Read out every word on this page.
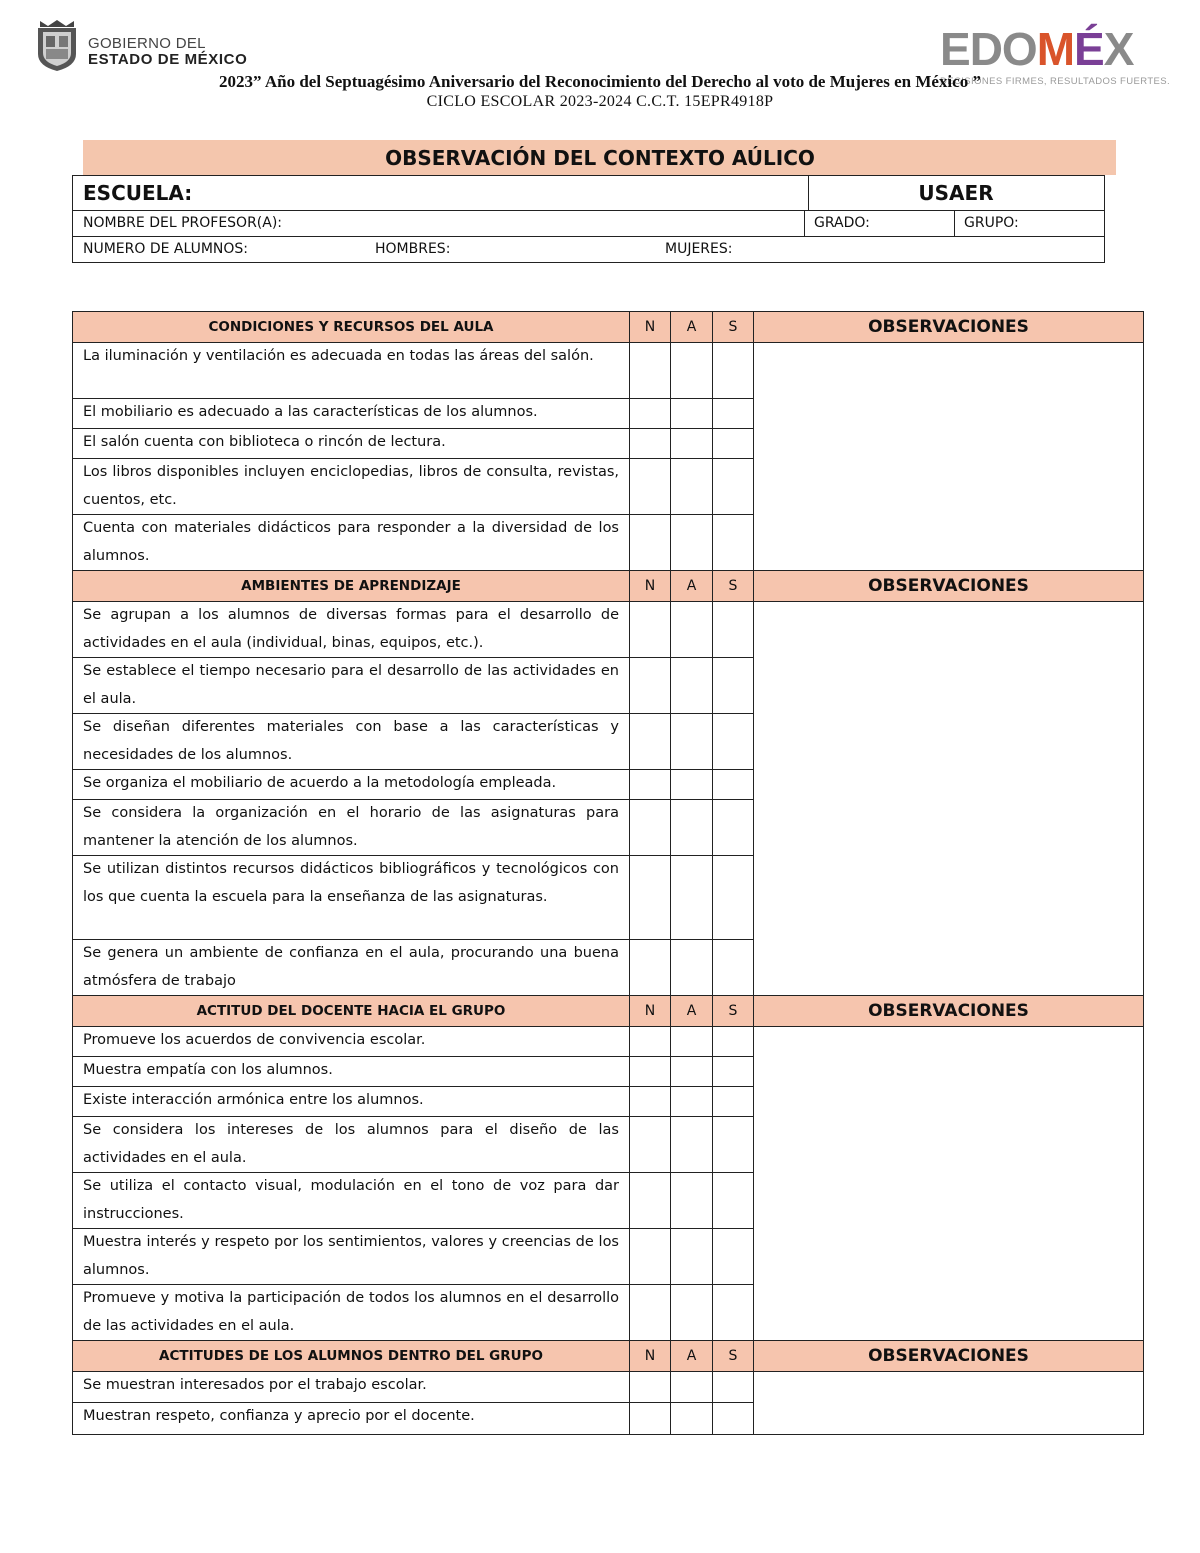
GOBIERNO DEL
ESTADO DE MÉXICO	EDOMÉX
DECISIONES FIRMES, RESULTADOS FUERTES.
2023” Año del Septuagésimo Aniversario del Reconocimiento del Derecho al voto de Mujeres en México ”
CICLO ESCOLAR 2023-2024 C.C.T. 15EPR4918P
OBSERVACIÓN DEL CONTEXTO AÚLICO
ESCUELA:	USAER
NOMBRE DEL PROFESOR(A):	GRADO:	GRUPO:
NUMERO DE ALUMNOS:	HOMBRES:	MUJERES:
CONDICIONES Y RECURSOS DEL AULA	N	A	S	OBSERVACIONES
La iluminación y ventilación es adecuada en todas las áreas del salón.				
El mobiliario es adecuado a las características de los alumnos.				
El salón cuenta con biblioteca o rincón de lectura.				
Los libros disponibles incluyen enciclopedias, libros de consulta, revistas, cuentos, etc.				
Cuenta con materiales didácticos para responder a la diversidad de los alumnos.				
AMBIENTES DE APRENDIZAJE	N	A	S	OBSERVACIONES
Se agrupan a los alumnos de diversas formas para el desarrollo de actividades en el aula (individual, binas, equipos, etc.).				
Se establece el tiempo necesario para el desarrollo de las actividades en el aula.				
Se diseñan diferentes materiales con base a las características y necesidades de los alumnos.				
Se organiza el mobiliario de acuerdo a la metodología empleada.				
Se considera la organización en el horario de las asignaturas para mantener la atención de los alumnos.				
Se utilizan distintos recursos didácticos bibliográficos y tecnológicos con los que cuenta la escuela para la enseñanza de las asignaturas.				
Se genera un ambiente de confianza en el aula, procurando una buena atmósfera de trabajo				
ACTITUD DEL DOCENTE HACIA EL GRUPO	N	A	S	OBSERVACIONES
Promueve los acuerdos de convivencia escolar.				
Muestra empatía con los alumnos.				
Existe interacción armónica entre los alumnos.				
Se considera los intereses de los alumnos para el diseño de las actividades en el aula.				
Se utiliza el contacto visual, modulación en el tono de voz para dar instrucciones.				
Muestra interés y respeto por los sentimientos, valores y creencias de los alumnos.				
Promueve y motiva la participación de todos los alumnos en el desarrollo de las actividades en el aula.				
ACTITUDES DE LOS ALUMNOS DENTRO DEL GRUPO	N	A	S	OBSERVACIONES
Se muestran interesados por el trabajo escolar.				
Muestran respeto, confianza y aprecio por el docente.				
